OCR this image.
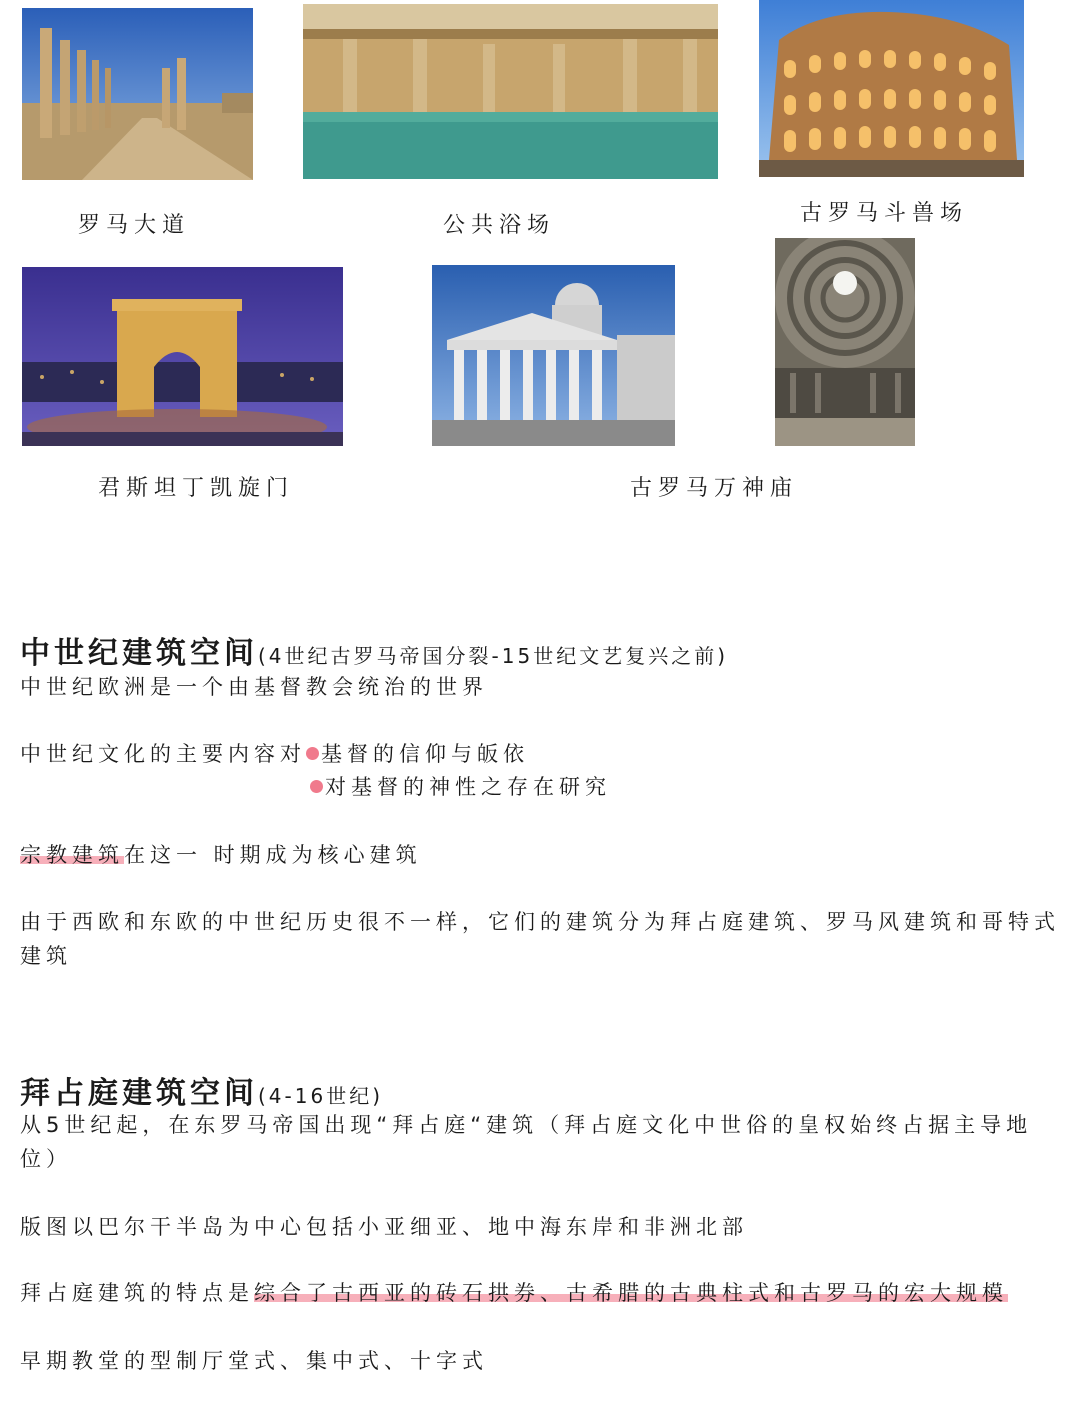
罗马大道	公共浴场	古罗马斗兽场
君斯坦丁凯旋门	古罗马万神庙
中世纪建筑空间(4世纪古罗马帝国分裂-15世纪文艺复兴之前)
中世纪欧洲是一个由基督教会统治的世界
中世纪文化的主要内容对 基督的信仰与皈依
对基督的神性之存在研究
宗教建筑在这一 时期成为核心建筑
由于西欧和东欧的中世纪历史很不一样，它们的建筑分为拜占庭建筑、罗马风建筑和哥特式建筑
拜占庭建筑空间(4-16世纪)
从5世纪起，在东罗马帝国出现“拜占庭“建筑（拜占庭文化中世俗的皇权始终占据主导地位）
版图以巴尔干半岛为中心包括小亚细亚、地中海东岸和非洲北部
拜占庭建筑的特点是综合了古西亚的砖石拱券、古希腊的古典柱式和古罗马的宏大规模
早期教堂的型制厅堂式、集中式、十字式
